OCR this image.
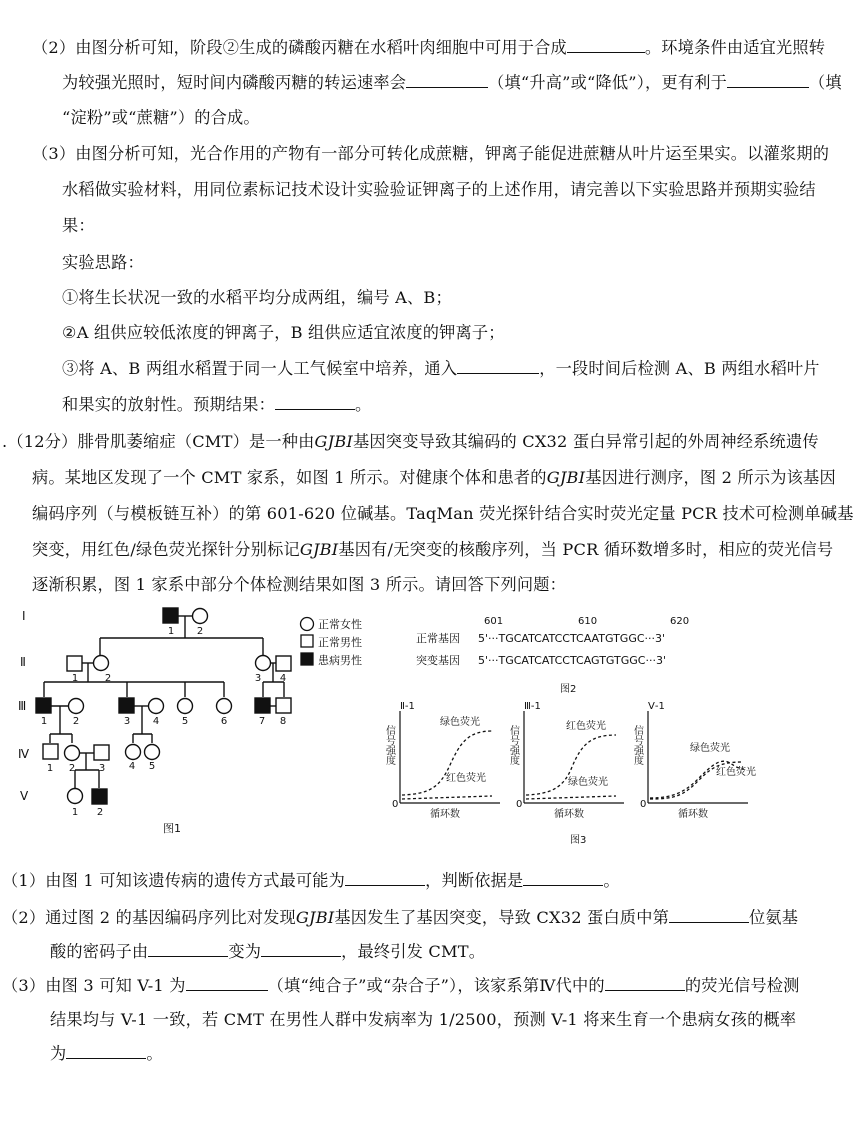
（2）由图分析可知，阶段②生成的磷酸丙糖在水稻叶肉细胞中可用于合成	。环境条件由适宜光照转
为较强光照时，短时间内磷酸丙糖的转运速率会	（填“升高”或“降低”），更有利于	（填
“淀粉”或“蔗糖”）的合成。
（3）由图分析可知，光合作用的产物有一部分可转化成蔗糖，钾离子能促进蔗糖从叶片运至果实。以灌浆期的
水稻做实验材料，用同位素标记技术设计实验验证钾离子的上述作用，请完善以下实验思路并预期实验结
果：
实验思路：
①将生长状况一致的水稻平均分成两组，编号 A、B；
②A 组供应较低浓度的钾离子，B 组供应适宜浓度的钾离子；
③将 A、B 两组水稻置于同一人工气候室中培养，通入	，一段时间后检测 A、B 两组水稻叶片
和果实的放射性。预期结果：	。
.（12分）腓骨肌萎缩症（CMT）是一种由GJBI基因突变导致其编码的 CX32 蛋白异常引起的外周神经系统遗传
病。某地区发现了一个 CMT 家系，如图 1 所示。对健康个体和患者的GJBI基因进行测序，图 2 所示为该基因
编码序列（与模板链互补）的第 601-620 位碱基。TaqMan 荧光探针结合实时荧光定量 PCR 技术可检测单碱基
突变，用红色/绿色荧光探针分别标记GJBI基因有/无突变的核酸序列，当 PCR 循环数增多时，相应的荧光信号
逐渐积累，图 1 家系中部分个体检测结果如图 3 所示。请回答下列问题：
Ⅰ
Ⅱ
Ⅲ
Ⅳ
Ⅴ
1 2
1	2	3 4
1	2	3 4 5	6	7 8
1 2 3 4 5
1 2
正常女性
正常男性
患病男性
图1
601	610	620
正常基因 5'···TGCATCATCCTCAATGTGGC···3'
突变基因 5'···TGCATCATCCTCAGTGTGGC···3'
图2
Ⅱ-1	Ⅲ-1	Ⅴ-1
信号强度	信号强度	信号强度
0	0	0
循环数	循环数	循环数
绿色荧光
红色荧光
红色荧光
绿色荧光
绿色荧光
红色荧光
图3
（1）由图 1 可知该遗传病的遗传方式最可能为	，判断依据是	。
（2）通过图 2 的基因编码序列比对发现GJBI基因发生了基因突变，导致 CX32 蛋白质中第	位氨基
酸的密码子由	变为	，最终引发 CMT。
（3）由图 3 可知 V-1 为	（填“纯合子”或“杂合子”），该家系第Ⅳ代中的	的荧光信号检测
结果均与 V-1 一致，若 CMT 在男性人群中发病率为 1/2500，预测 V-1 将来生育一个患病女孩的概率
为	。
